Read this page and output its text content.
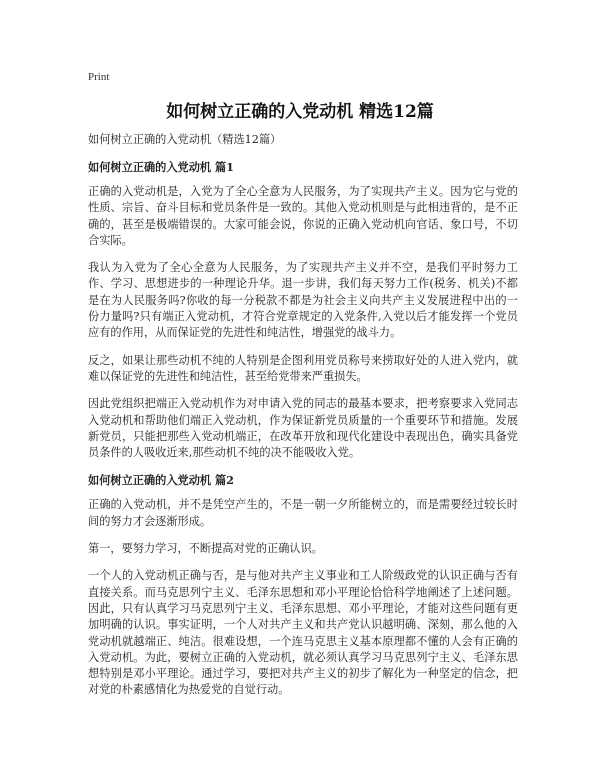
Print
如何树立正确的入党动机 精选12篇
如何树立正确的入党动机（精选12篇）
如何树立正确的入党动机 篇1

正确的入党动机是，入党为了全心全意为人民服务，为了实现共产主义。因为它与党的性质、宗旨、奋斗目标和党员条件是一致的。其他入党动机则是与此相违背的，是不正确的，甚至是极端错误的。大家可能会说，你说的正确入党动机向官话、象口号，不切合实际。

我认为入党为了全心全意为人民服务，为了实现共产主义并不空，是我们平时努力工作、学习、思想进步的一种理论升华。退一步讲，我们每天努力工作(税务、机关)不都是在为人民服务吗?你收的每一分税款不都是为社会主义向共产主义发展进程中出的一份力量吗?只有端正入党动机，才符合党章规定的入党条件,入党以后才能发挥一个党员应有的作用，从而保证党的先进性和纯洁性，增强党的战斗力。

反之，如果让那些动机不纯的人特别是企图利用党员称号来捞取好处的人进入党内，就难以保证党的先进性和纯洁性，甚至给党带来严重损失。

因此党组织把端正入党动机作为对申请入党的同志的最基本要求，把考察要求入党同志入党动机和帮助他们端正入党动机，作为保证新党员质量的一个重要环节和措施。发展新党员，只能把那些入党动机端正，在改革开放和现代化建设中表现出色，确实具备党员条件的人吸收近来,那些动机不纯的决不能吸收入党。

如何树立正确的入党动机 篇2

正确的入党动机，并不是凭空产生的，不是一朝一夕所能树立的，而是需要经过较长时间的努力才会逐渐形成。

第一，要努力学习，不断提高对党的正确认识。

一个人的入党动机正确与否，是与他对共产主义事业和工人阶级政党的认识正确与否有直接关系。而马克思列宁主义、毛泽东思想和邓小平理论恰恰科学地阐述了上述问题。因此，只有认真学习马克思列宁主义、毛泽东思想、邓小平理论，才能对这些问题有更加明确的认识。事实证明，一个人对共产主义和共产党认识越明确、深刻，那么他的入党动机就越端正、纯洁。很难设想，一个连马克思主义基本原理都不懂的人会有正确的入党动机。为此，要树立正确的入党动机，就必须认真学习马克思列宁主义、毛泽东思想特别是邓小平理论。通过学习，要把对共产主义的初步了解化为一种坚定的信念，把对党的朴素感情化为热爱党的自觉行动。
